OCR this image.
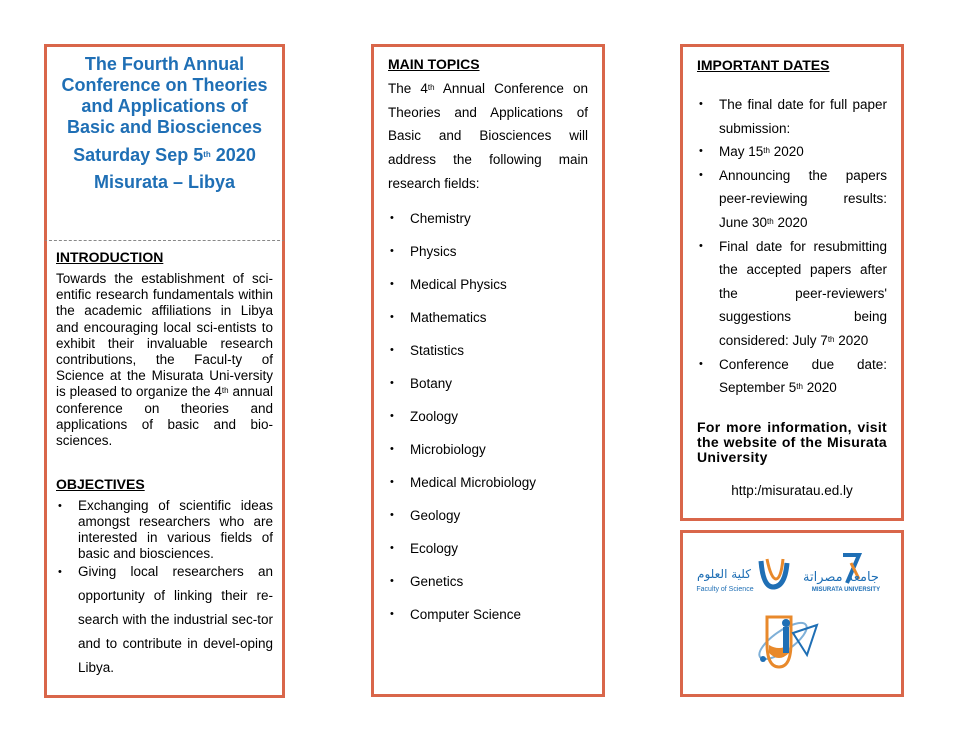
The Fourth Annual Conference on Theories and Applications of Basic and Biosciences
Saturday Sep 5th 2020
Misurata – Libya
INTRODUCTION
Towards the establishment of sci-entific research fundamentals within the academic affiliations in Libya and encouraging local sci-entists to exhibit their invaluable research contributions, the Facul-ty of Science at the Misurata Uni-versity is pleased to organize the 4th annual conference on theories and applications of basic and bio-sciences.
OBJECTIVES
• Exchanging of scientific ideas amongst researchers who are interested in various fields of basic and biosciences.
• Giving local researchers an opportunity of linking their re-search with the industrial sec-tor and to contribute in devel-oping Libya.
MAIN TOPICS
The 4th Annual Conference on Theories and Applications of Basic and Biosciences will address the following main research fields:
• Chemistry
• Physics
• Medical Physics
• Mathematics
• Statistics
• Botany
• Zoology
• Microbiology
• Medical Microbiology
• Geology
• Ecology
• Genetics
• Computer Science
IMPORTANT DATES
• The final date for full paper submission:
• May 15th 2020
• Announcing the papers peer-reviewing results: June 30th 2020
• Final date for resubmitting the accepted papers after the peer-reviewers' suggestions being considered: July 7th 2020
• Conference due date: September 5th 2020
For more information, visit the website of the Misurata University
http:/misuratau.ed.ly
كلية العلوم
Faculty of Science
جامعة مصراتة
MISURATA UNIVERSITY
